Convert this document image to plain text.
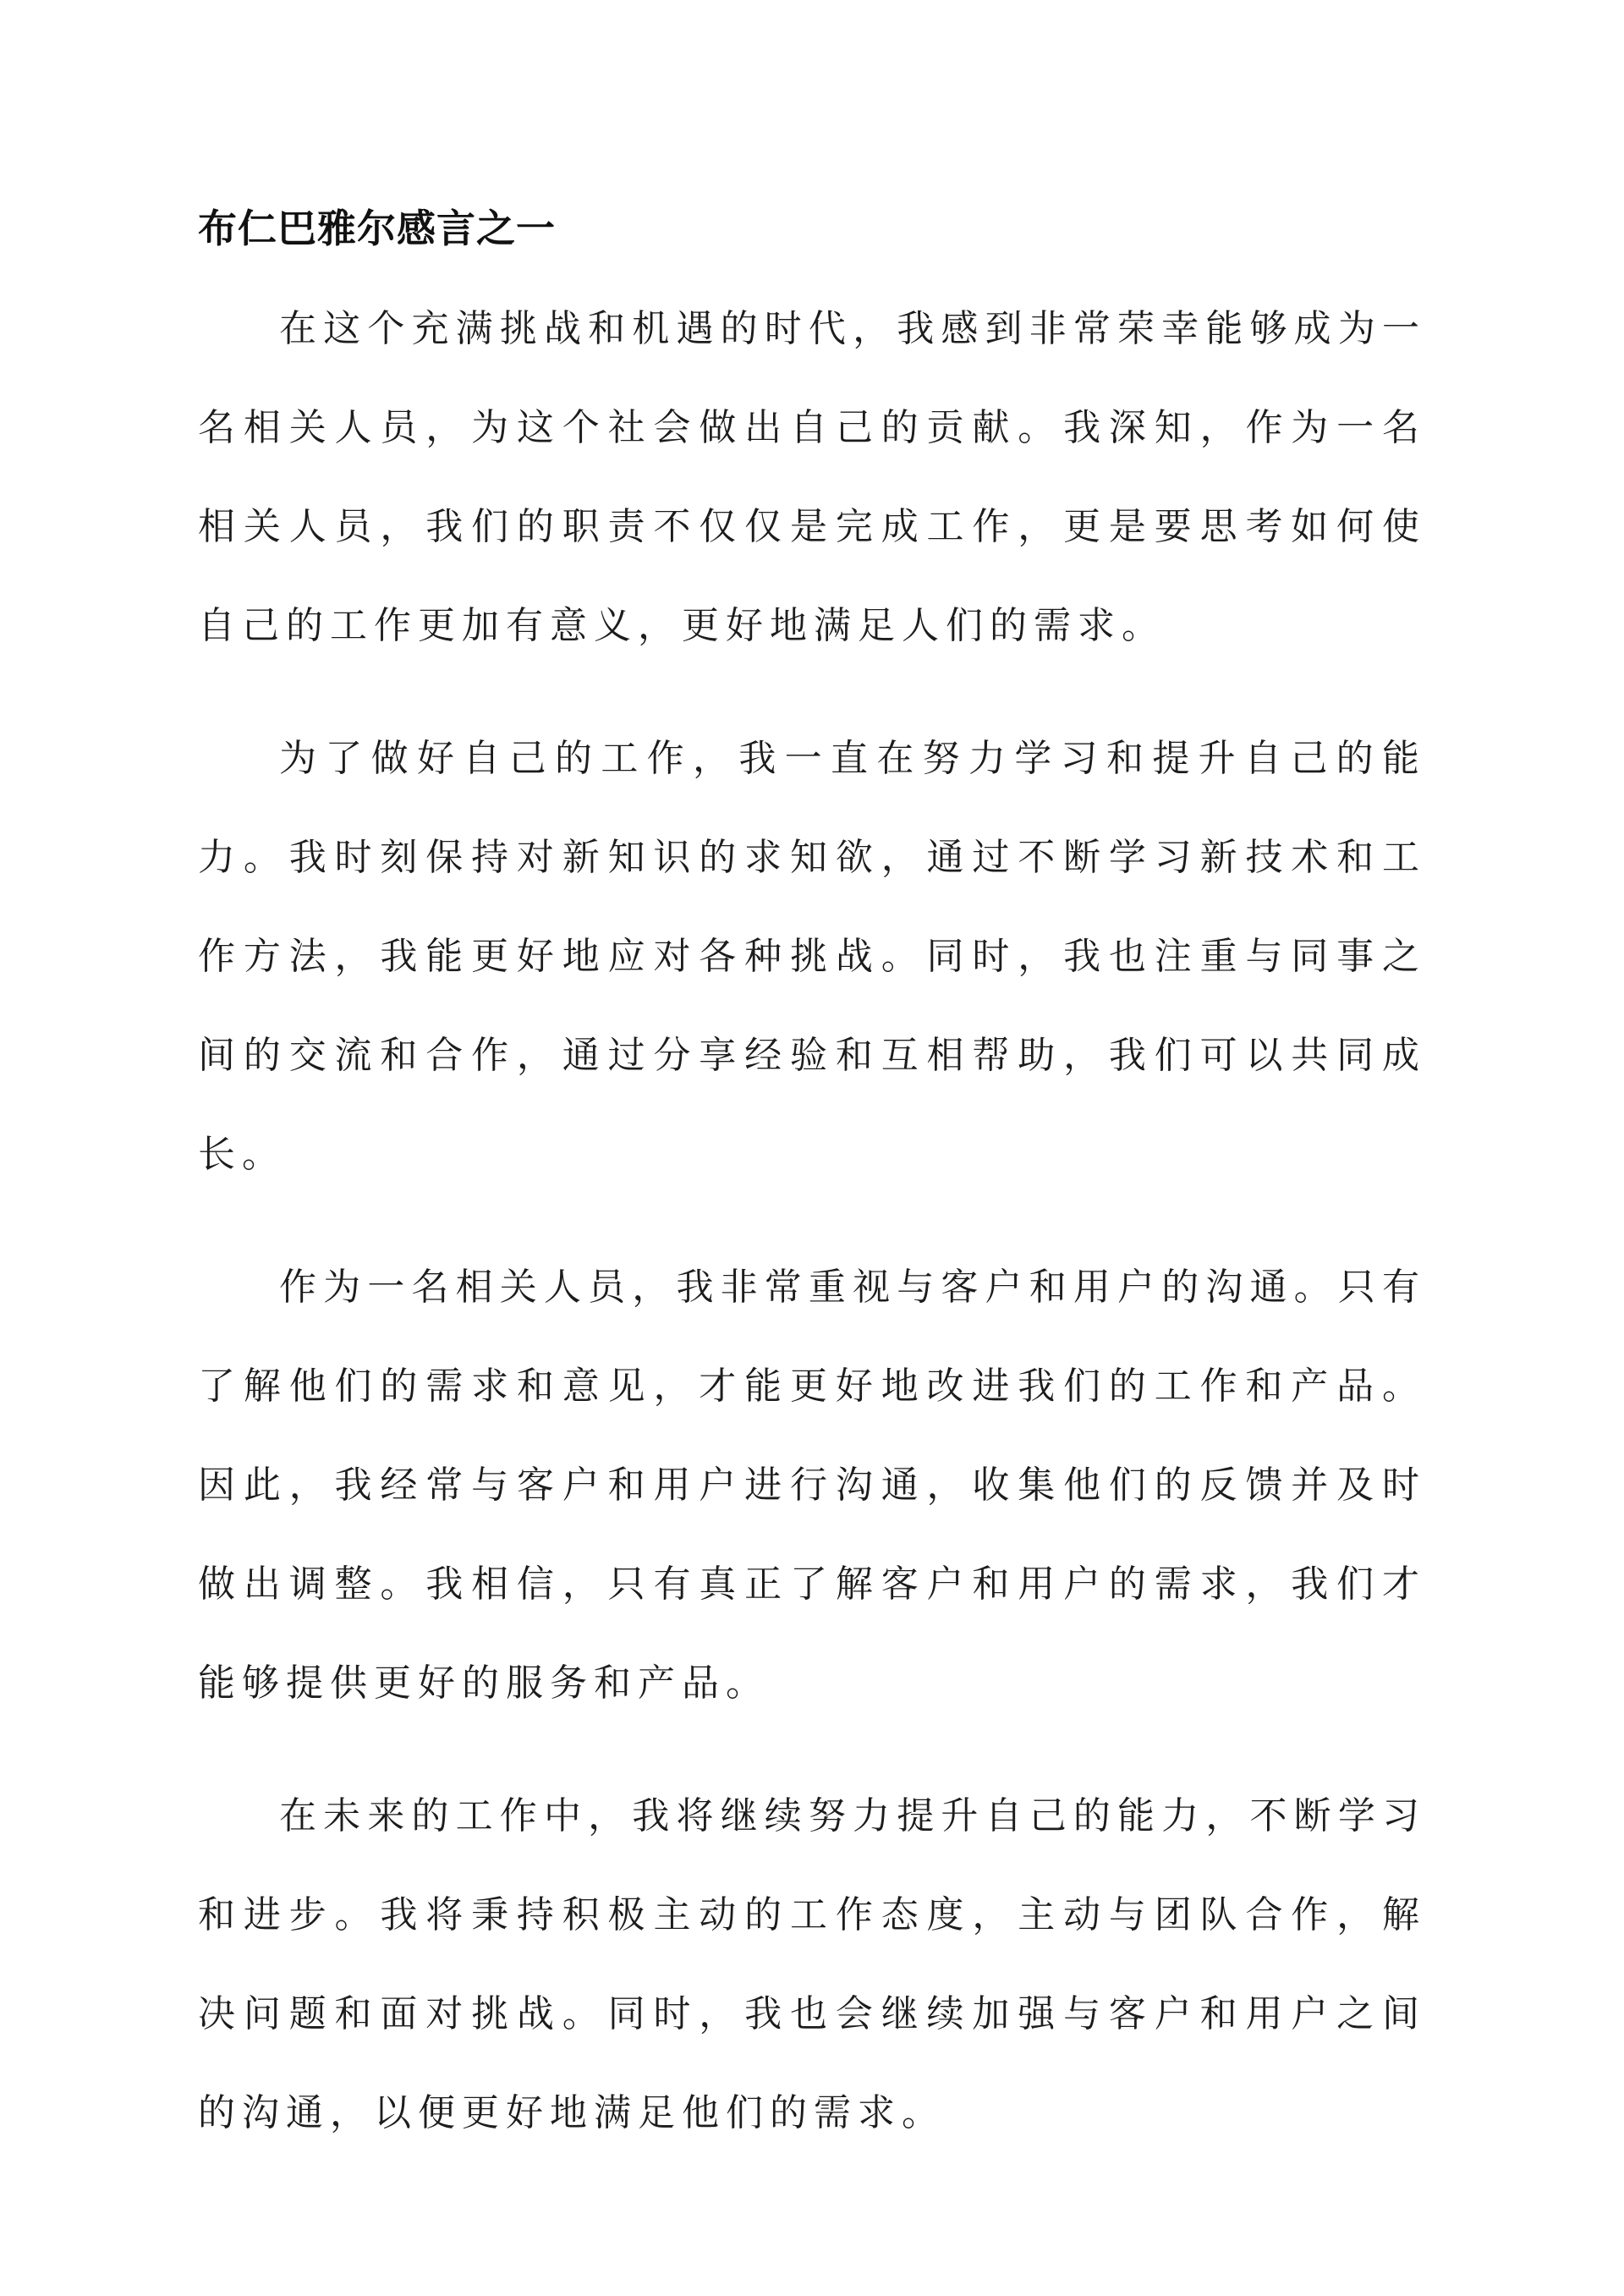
布仁巴雅尔感言之一

在这个充满挑战和机遇的时代，我感到非常荣幸能够成为一名相关人员，为这个社会做出自己的贡献。我深知，作为一名相关人员，我们的职责不仅仅是完成工作，更是要思考如何使自己的工作更加有意义，更好地满足人们的需求。

为了做好自己的工作，我一直在努力学习和提升自己的能力。我时刻保持对新知识的求知欲，通过不断学习新技术和工作方法，我能更好地应对各种挑战。同时，我也注重与同事之间的交流和合作，通过分享经验和互相帮助，我们可以共同成长。

作为一名相关人员，我非常重视与客户和用户的沟通。只有了解他们的需求和意见，才能更好地改进我们的工作和产品。因此，我经常与客户和用户进行沟通，收集他们的反馈并及时做出调整。我相信，只有真正了解客户和用户的需求，我们才能够提供更好的服务和产品。

在未来的工作中，我将继续努力提升自己的能力，不断学习和进步。我将秉持积极主动的工作态度，主动与团队合作，解决问题和面对挑战。同时，我也会继续加强与客户和用户之间的沟通，以便更好地满足他们的需求。
